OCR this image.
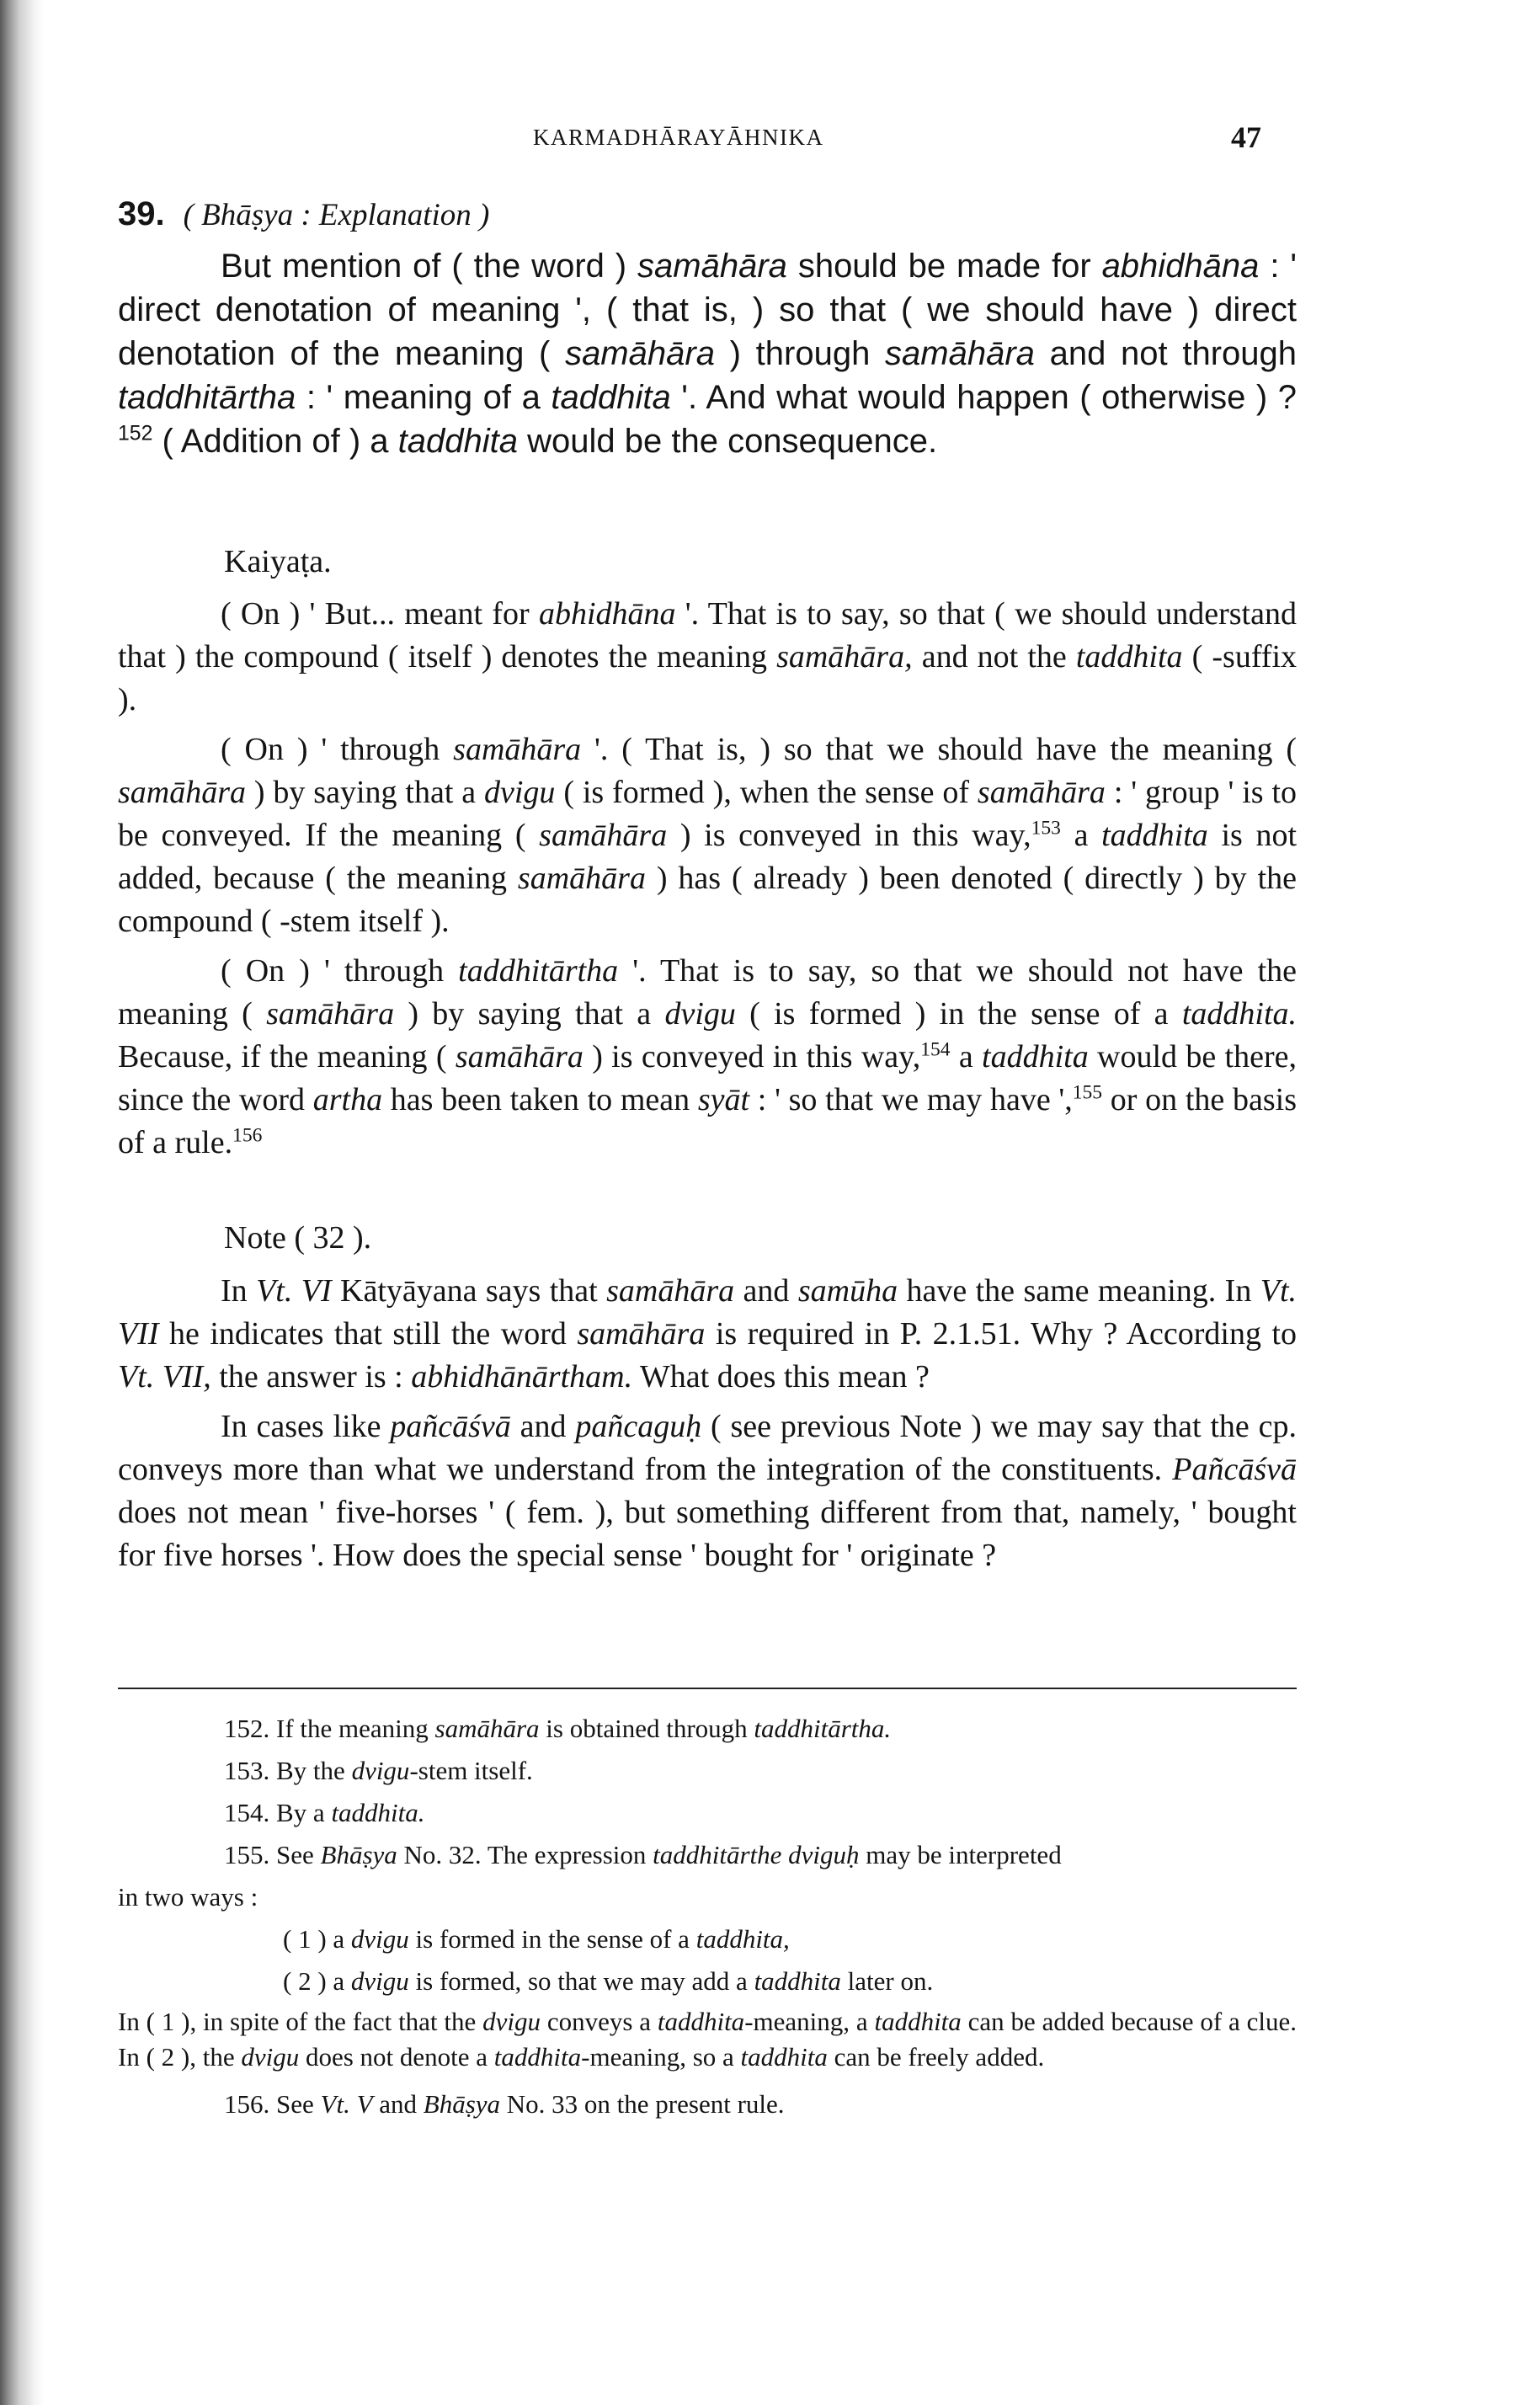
KARMADHĀRAYĀHNIKA	47
39. ( Bhāṣya : Explanation )

But mention of ( the word ) samāhāra should be made for abhidhāna : ' direct denotation of meaning ', ( that is, ) so that ( we should have ) direct denotation of the meaning ( samāhāra ) through samāhāra and not through taddhitārtha : ' meaning of a taddhita '. And what would happen ( otherwise ) ? $^{152}$ ( Addition of ) a taddhita would be the consequence.

Kaiyaṭa.

( On ) ' But... meant for abhidhāna '. That is to say, so that ( we should understand that ) the compound ( itself ) denotes the meaning samāhāra, and not the taddhita ( -suffix ).

( On ) ' through samāhāra '. ( That is, ) so that we should have the meaning ( samāhāra ) by saying that a dvigu ( is formed ), when the sense of samāhāra : ' group ' is to be conveyed. If the meaning ( samāhāra ) is conveyed in this way,$^{153}$ a taddhita is not added, because ( the meaning samāhāra ) has ( already ) been denoted ( directly ) by the compound ( -stem itself ).

( On ) ' through taddhitārtha '. That is to say, so that we should not have the meaning ( samāhāra ) by saying that a dvigu ( is formed ) in the sense of a taddhita. Because, if the meaning ( samāhāra ) is conveyed in this way,$^{154}$ a taddhita would be there, since the word artha has been taken to mean syāt : ' so that we may have ',$^{155}$ or on the basis of a rule.$^{156}$

Note ( 32 ).

In Vt. VI Kātyāyana says that samāhāra and samūha have the same meaning. In Vt. VII he indicates that still the word samāhāra is required in P. 2.1.51. Why ? According to Vt. VII, the answer is : abhidhānārtham. What does this mean ?

In cases like pañcāśvā and pañcaguḥ ( see previous Note ) we may say that the cp. conveys more than what we understand from the integration of the constituents. Pañcāśvā does not mean ' five-horses ' ( fem. ), but something different from that, namely, ' bought for five horses '. How does the special sense ' bought for ' originate ?

152. If the meaning samāhāra is obtained through taddhitārtha.

153. By the dvigu-stem itself.

154. By a taddhita.

155. See Bhāṣya No. 32. The expression taddhitārthe dviguḥ may be interpreted

in two ways :

( 1 ) a dvigu is formed in the sense of a taddhita,

( 2 ) a dvigu is formed, so that we may add a taddhita later on.

In ( 1 ), in spite of the fact that the dvigu conveys a taddhita-meaning, a taddhita can be added because of a clue. In ( 2 ), the dvigu does not denote a taddhita-meaning, so a taddhita can be freely added.

156. See Vt. V and Bhāṣya No. 33 on the present rule.
